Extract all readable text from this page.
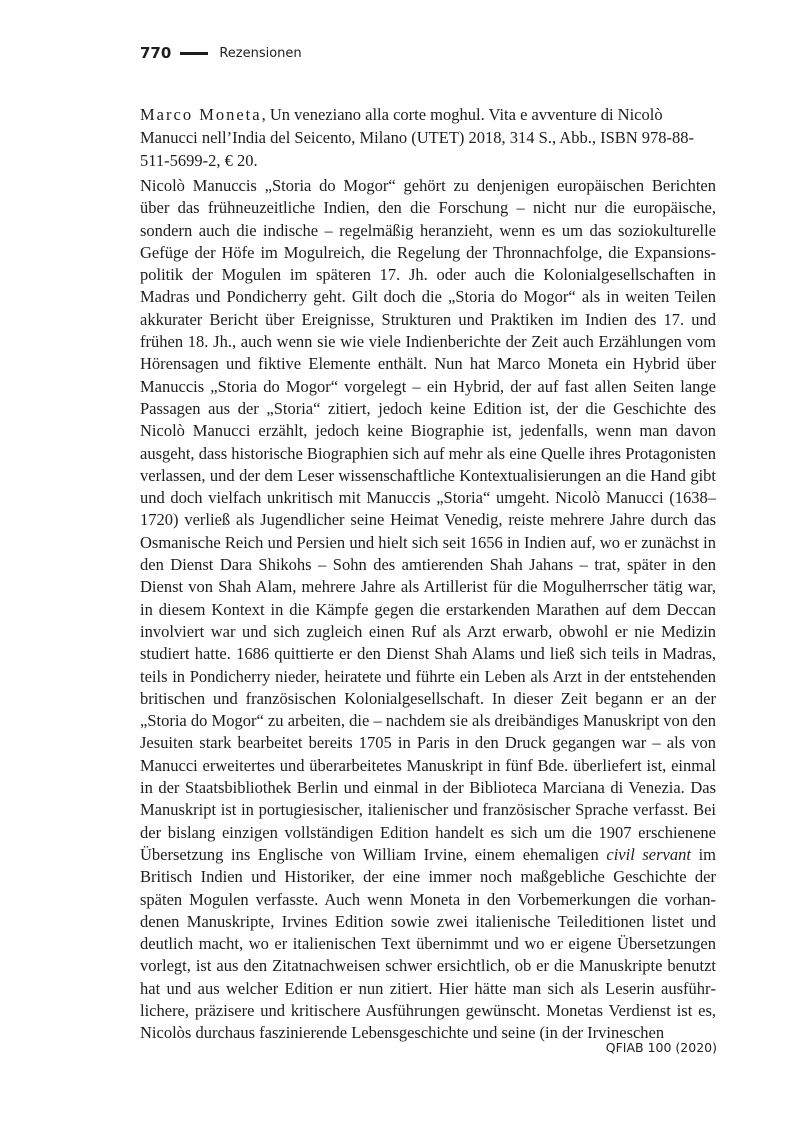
770	Rezensionen
Marco Moneta, Un veneziano alla corte moghul. Vita e avventure di Nicolò Manucci nell’India del Seicento, Milano (UTET) 2018, 314 S., Abb., ISBN 978-88-511-5699-2, € 20.

Nicolò Manuccis „Storia do Mogor“ gehört zu denjenigen europäischen Berichten über das frühneuzeitliche Indien, den die Forschung – nicht nur die europäische, sondern auch die indische – regelmäßig heranzieht, wenn es um das soziokulturelle Gefüge der Höfe im Mogulreich, die Regelung der Thronnachfolge, die Expansionspolitik der Mogulen im späteren 17. Jh. oder auch die Kolonialgesellschaften in Madras und Pondicherry geht. Gilt doch die „Storia do Mogor“ als in weiten Teilen akkurater Bericht über Ereignisse, Strukturen und Praktiken im Indien des 17. und frühen 18. Jh., auch wenn sie wie viele Indienberichte der Zeit auch Erzählungen vom Hörensagen und fiktive Elemente enthält. Nun hat Marco Moneta ein Hybrid über Manuccis „Storia do Mogor“ vorgelegt – ein Hybrid, der auf fast allen Seiten lange Passagen aus der „Storia“ zitiert, jedoch keine Edition ist, der die Geschichte des Nicolò Manucci erzählt, jedoch keine Biographie ist, jedenfalls, wenn man davon ausgeht, dass historische Biographien sich auf mehr als eine Quelle ihres Protagonisten verlassen, und der dem Leser wissenschaftliche Kontextualisierungen an die Hand gibt und doch vielfach unkritisch mit Manuccis „Storia“ umgeht. Nicolò Manucci (1638–1720) verließ als Jugendlicher seine Heimat Venedig, reiste mehrere Jahre durch das Osmanische Reich und Persien und hielt sich seit 1656 in Indien auf, wo er zunächst in den Dienst Dara Shikohs – Sohn des amtierenden Shah Jahans – trat, später in den Dienst von Shah Alam, mehrere Jahre als Artillerist für die Mogulherrscher tätig war, in diesem Kontext in die Kämpfe gegen die erstarkenden Marathen auf dem Deccan involviert war und sich zugleich einen Ruf als Arzt erwarb, obwohl er nie Medizin studiert hatte. 1686 quittierte er den Dienst Shah Alams und ließ sich teils in Madras, teils in Pondicherry nieder, heiratete und führte ein Leben als Arzt in der entstehenden britischen und französischen Kolonialgesellschaft. In dieser Zeit begann er an der „Storia do Mogor“ zu arbeiten, die – nachdem sie als dreibändiges Manuskript von den Jesuiten stark bearbeitet bereits 1705 in Paris in den Druck gegangen war – als von Manucci erweitertes und überarbeitetes Manuskript in fünf Bde. überliefert ist, einmal in der Staatsbibliothek Berlin und einmal in der Biblioteca Marciana di Venezia. Das Manuskript ist in portugiesischer, italienischer und französischer Sprache verfasst. Bei der bislang einzigen vollständigen Edition handelt es sich um die 1907 erschienene Übersetzung ins Englische von William Irvine, einem ehemaligen civil servant im Britisch Indien und Historiker, der eine immer noch maßgebliche Geschichte der späten Mogulen verfasste. Auch wenn Moneta in den Vorbemerkungen die vorhandenen Manuskripte, Irvines Edition sowie zwei italienische Teileditionen listet und deutlich macht, wo er italienischen Text übernimmt und wo er eigene Übersetzungen vorlegt, ist aus den Zitatnachweisen schwer ersichtlich, ob er die Manuskripte benutzt hat und aus welcher Edition er nun zitiert. Hier hätte man sich als Leserin ausführlichere, präzisere und kritischere Ausführungen gewünscht. Monetas Verdienst ist es, Nicolòs durchaus faszinierende Lebensgeschichte und seine (in der Irvineschen

QFIAB 100 (2020)
